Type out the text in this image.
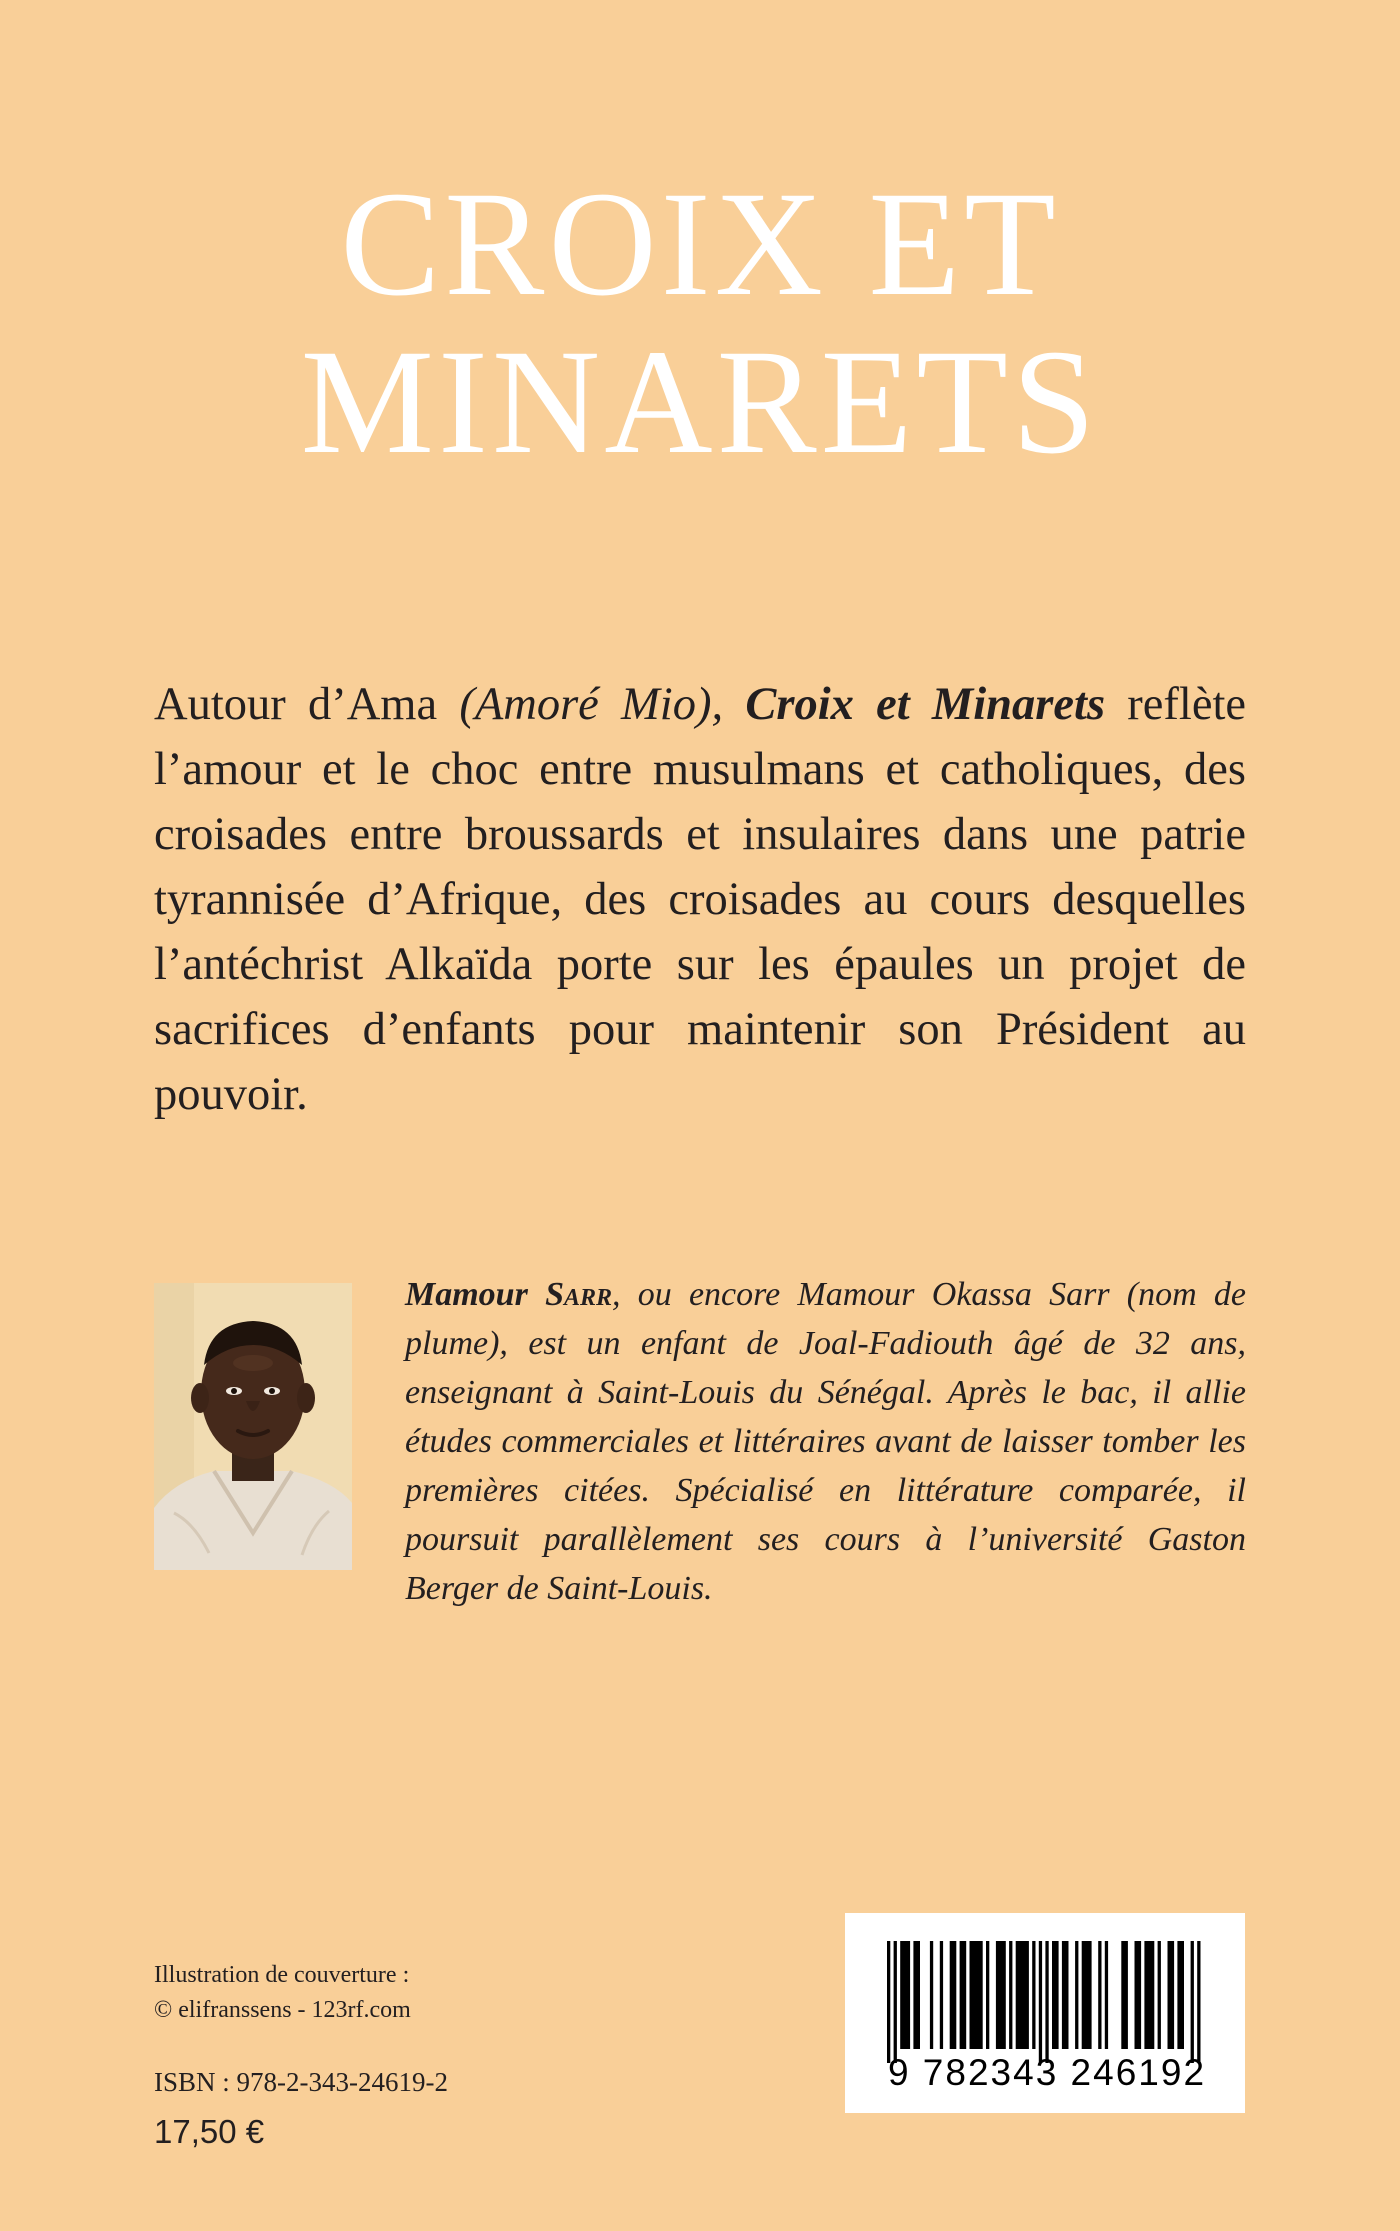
CROIX ET
MINARETS

Autour d’Ama (Amoré Mio), Croix et Minarets reflète l’amour et le choc entre musulmans et catholiques, des croisades entre broussards et insulaires dans une patrie tyrannisée d’Afrique, des croisades au cours desquelles l’antéchrist Alkaïda porte sur les épaules un projet de sacrifices d’enfants pour maintenir son Président au pouvoir.

Mamour Sarr, ou encore Mamour Okassa Sarr (nom de plume), est un enfant de Joal-Fadiouth âgé de 32 ans, enseignant à Saint-Louis du Sénégal. Après le bac, il allie études commerciales et littéraires avant de laisser tomber les premières citées. Spécialisé en littérature comparée, il poursuit parallèlement ses cours à l’université Gaston Berger de Saint-Louis.

Illustration de couverture :
© elifranssens - 123rf.com
ISBN : 978-2-343-24619-2
17,50 €
9 782343 246192
